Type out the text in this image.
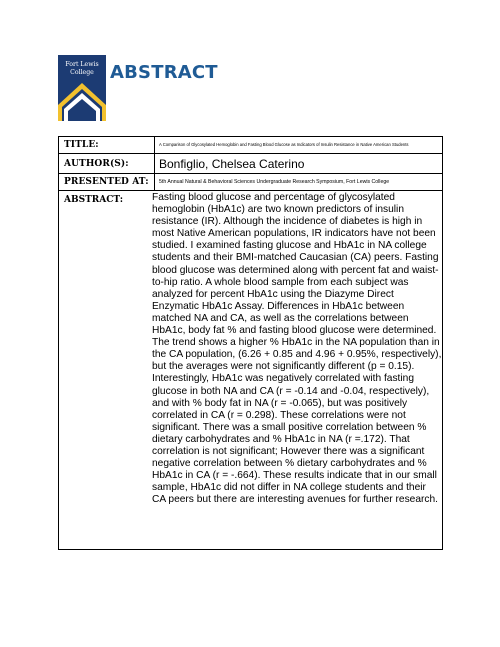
Fort Lewis
College ABSTRACT
TITLE:	A Comparison of Glycosylated Hemoglobin and Fasting Blood Glucose as Indicators of Insulin Resistance in Native American Students
AUTHOR(S):	Bonfiglio, Chelsea Caterino
PRESENTED AT: 5th Annual Natural & Behavioral Sciences Undergraduate Research Symposium, Fort Lewis College
ABSTRACT:	Fasting blood glucose and percentage of glycosylated hemoglobin (HbA1c) are two known predictors of insulin resistance (IR). Although the incidence of diabetes is high in most Native American populations, IR indicators have not been studied. I examined fasting glucose and HbA1c in NA college students and their BMI-matched Caucasian (CA) peers. Fasting blood glucose was determined along with percent fat and waist-to-hip ratio. A whole blood sample from each subject was analyzed for percent HbA1c using the Diazyme Direct Enzymatic HbA1c Assay. Differences in HbA1c between matched NA and CA, as well as the correlations between HbA1c, body fat % and fasting blood glucose were determined. The trend shows a higher % HbA1c in the NA population than in the CA population, (6.26 + 0.85 and 4.96 + 0.95%, respectively), but the averages were not significantly different (p = 0.15). Interestingly, HbA1c was negatively correlated with fasting glucose in both NA and CA (r = -0.14 and -0.04, respectively), and with % body fat in NA (r = -0.065), but was positively correlated in CA (r = 0.298). These correlations were not significant. There was a small positive correlation between % dietary carbohydrates and % HbA1c in NA (r =.172). That correlation is not significant; However there was a significant negative correlation between % dietary carbohydrates and % HbA1c in CA (r = -.664). These results indicate that in our small sample, HbA1c did not differ in NA college students and their CA peers but there are interesting avenues for further research.
